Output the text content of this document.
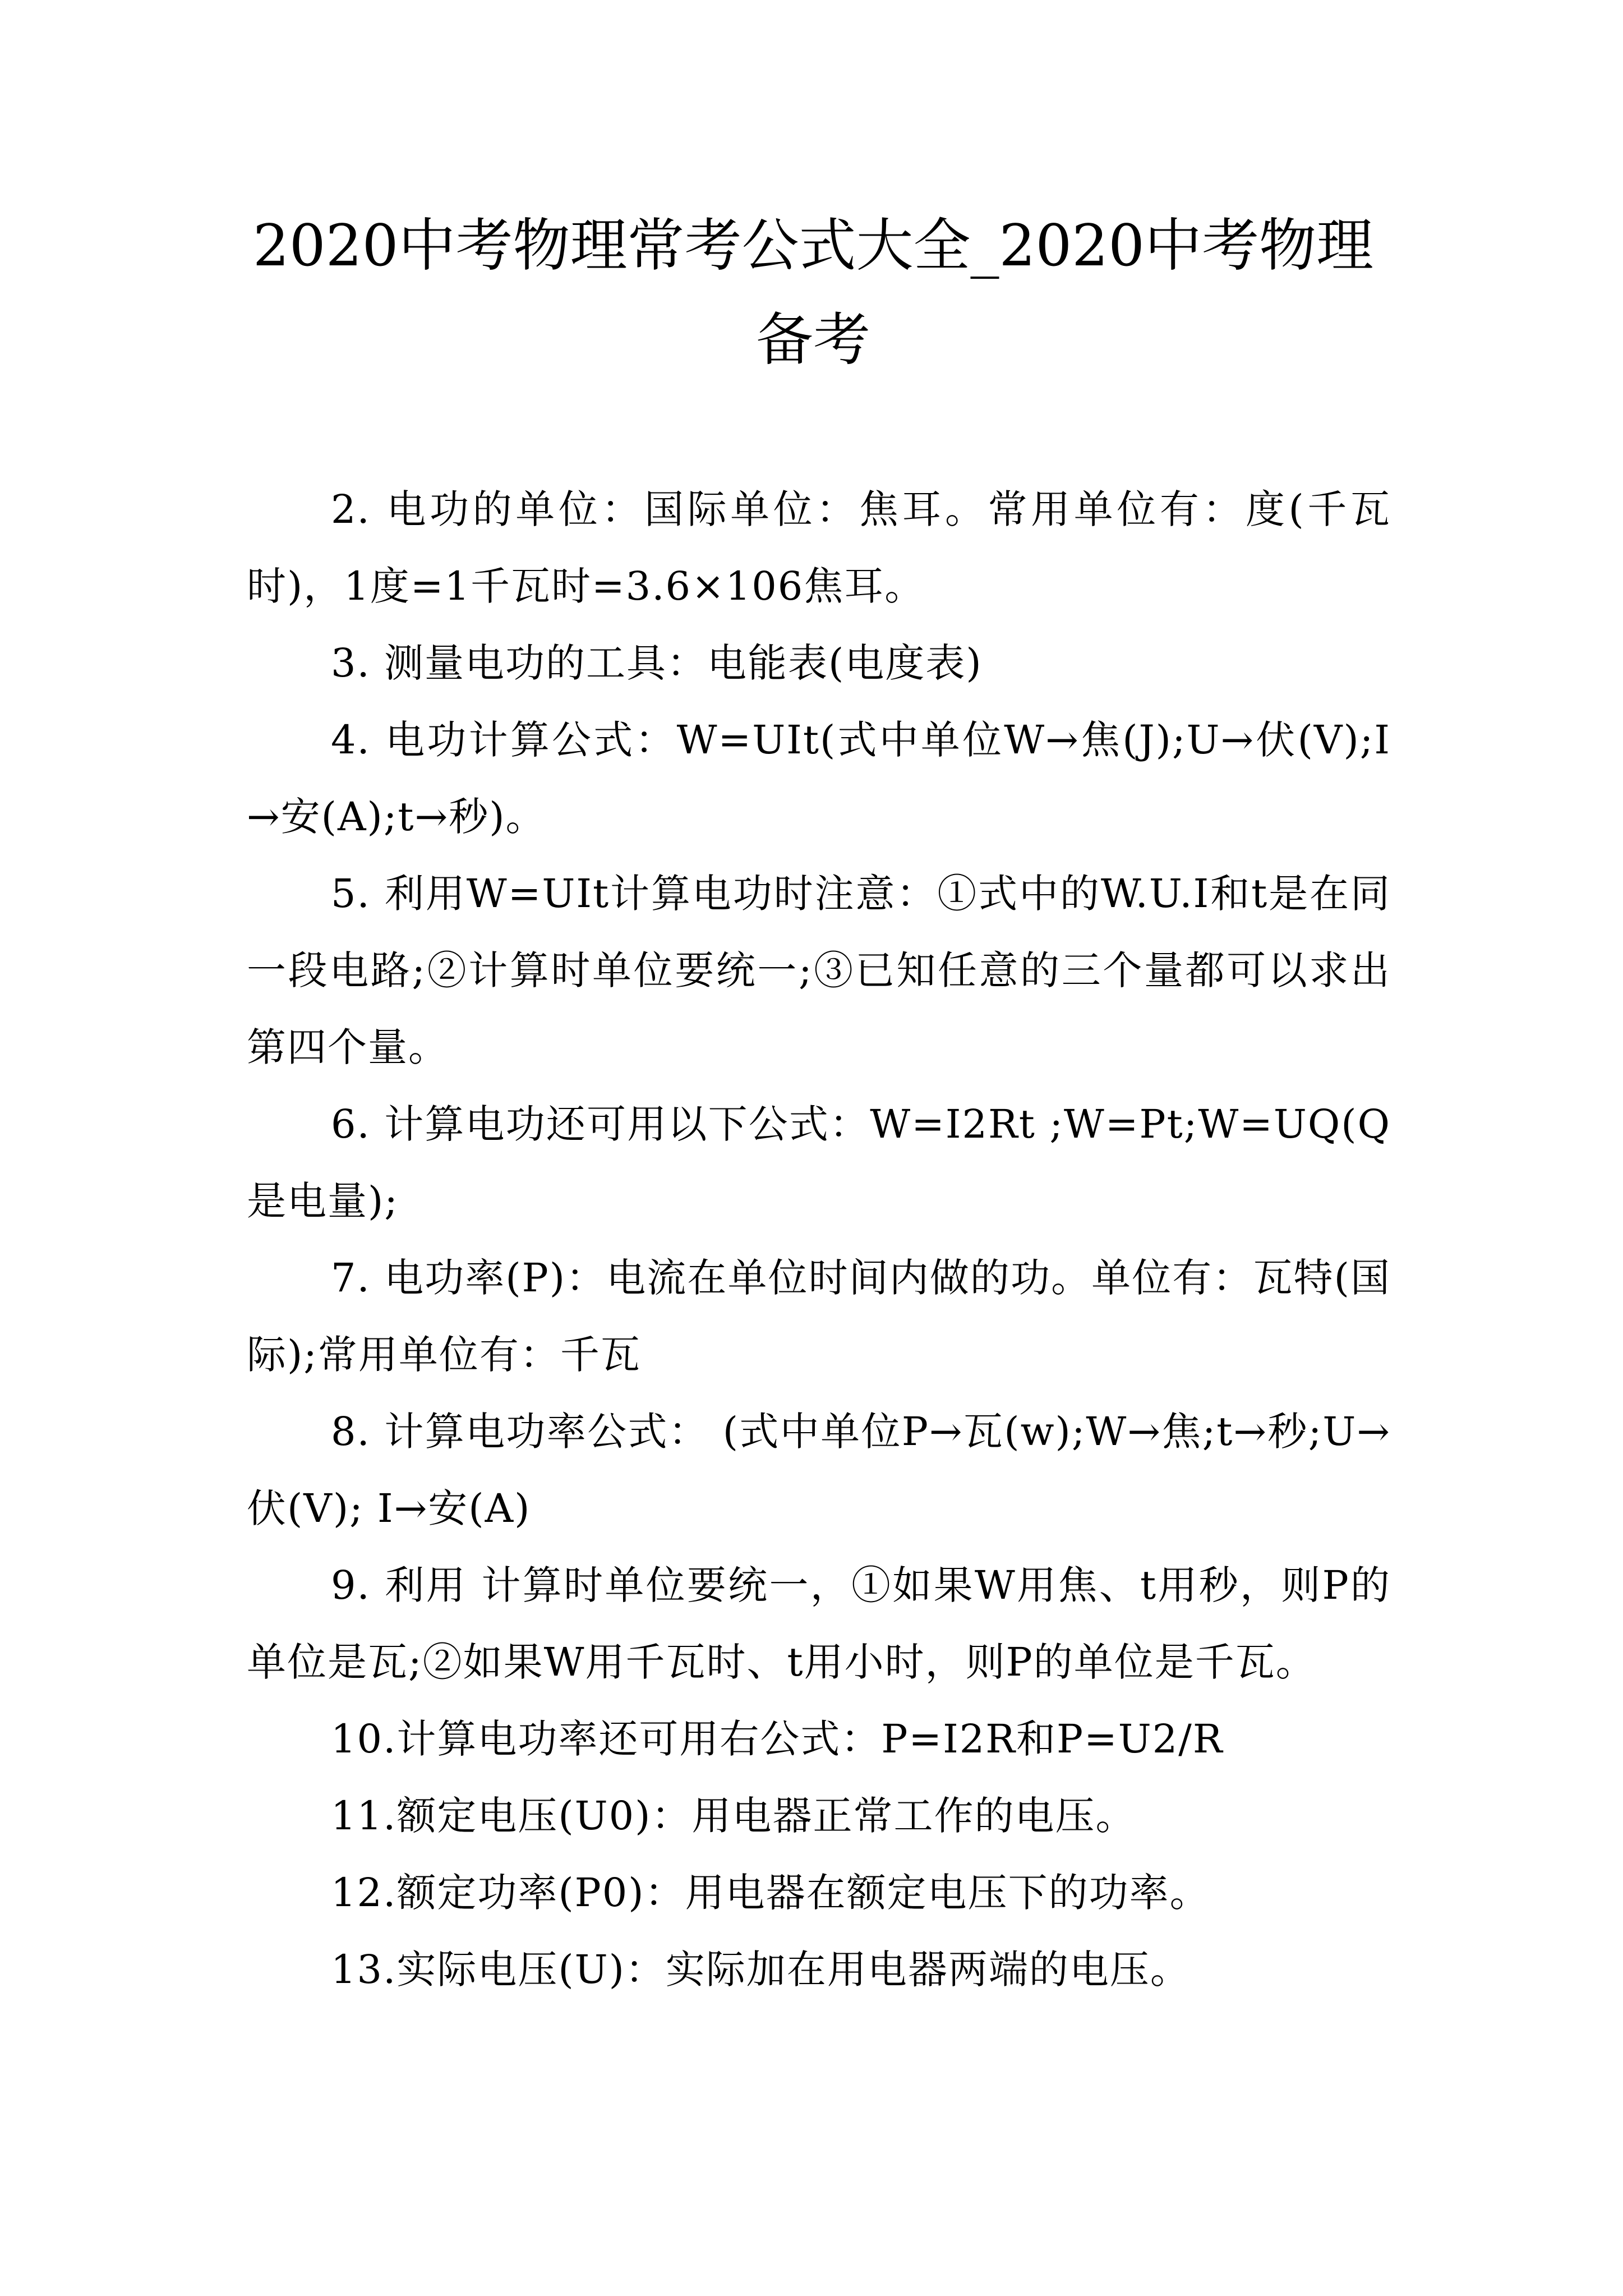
2020中考物理常考公式大全_2020中考物理备考

2. 电功的单位：国际单位：焦耳。常用单位有：度(千瓦时)，1度=1千瓦时=3.6×106焦耳。

3. 测量电功的工具：电能表(电度表)

4. 电功计算公式：W=UIt(式中单位W→焦(J);U→伏(V);I→安(A);t→秒)。

5. 利用W=UIt计算电功时注意：①式中的W.U.I和t是在同一段电路;②计算时单位要统一;③已知任意的三个量都可以求出第四个量。

6. 计算电功还可用以下公式：W=I2Rt ;W=Pt;W=UQ(Q是电量);

7. 电功率(P)：电流在单位时间内做的功。单位有：瓦特(国际);常用单位有：千瓦

8. 计算电功率公式： (式中单位P→瓦(w);W→焦;t→秒;U→伏(V); I→安(A)

9. 利用 计算时单位要统一，①如果W用焦、t用秒，则P的单位是瓦;②如果W用千瓦时、t用小时，则P的单位是千瓦。

10.计算电功率还可用右公式：P=I2R和P=U2/R

11.额定电压(U0)：用电器正常工作的电压。

12.额定功率(P0)：用电器在额定电压下的功率。

13.实际电压(U)：实际加在用电器两端的电压。
